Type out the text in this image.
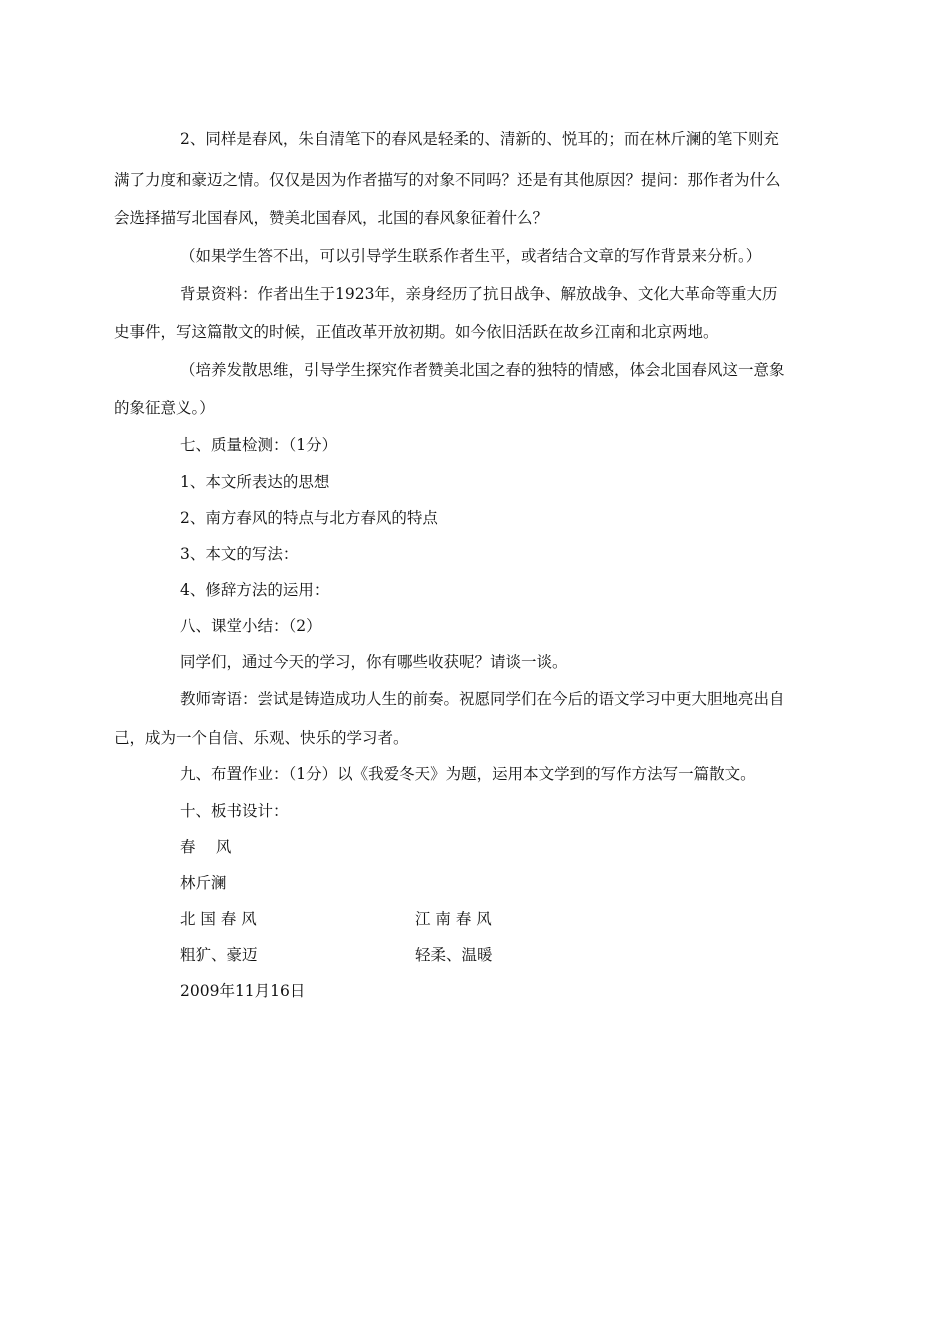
2、同样是春风，朱自清笔下的春风是轻柔的、清新的、悦耳的；而在林斤澜的笔下则充
满了力度和豪迈之情。仅仅是因为作者描写的对象不同吗？还是有其他原因？提问：那作者为什么
会选择描写北国春风，赞美北国春风，北国的春风象征着什么？
（如果学生答不出，可以引导学生联系作者生平，或者结合文章的写作背景来分析。）
背景资料：作者出生于1923年，亲身经历了抗日战争、解放战争、文化大革命等重大历
史事件，写这篇散文的时候，正值改革开放初期。如今依旧活跃在故乡江南和北京两地。
（培养发散思维，引导学生探究作者赞美北国之春的独特的情感，体会北国春风这一意象
的象征意义。）
七、质量检测：（1分）
1、本文所表达的思想
2、南方春风的特点与北方春风的特点
3、本文的写法：
4、修辞方法的运用：
八、课堂小结：（2）
同学们，通过今天的学习，你有哪些收获呢？请谈一谈。
教师寄语：尝试是铸造成功人生的前奏。祝愿同学们在今后的语文学习中更大胆地亮出自
己，成为一个自信、乐观、快乐的学习者。
九、布置作业：（1分）以《我爱冬天》为题，运用本文学到的写作方法写一篇散文。
十、板书设计：
春　 风
林斤澜
北 国 春 风	江 南 春 风
粗犷、豪迈	轻柔、温暖
2009年11月16日
